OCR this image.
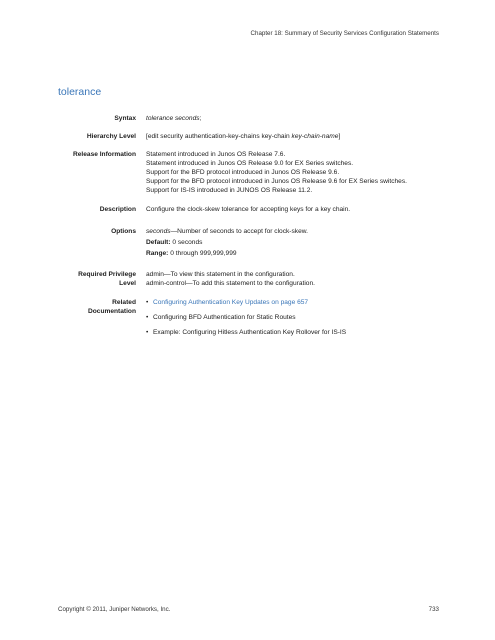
Chapter 18: Summary of Security Services Configuration Statements
tolerance
Syntax tolerance seconds;
Hierarchy Level [edit security authentication-key-chains key-chain key-chain-name]
Release Information Statement introduced in Junos OS Release 7.6.
Statement introduced in Junos OS Release 9.0 for EX Series switches.
Support for the BFD protocol introduced in Junos OS Release 9.6.
Support for the BFD protocol introduced in Junos OS Release 9.6 for EX Series switches.
Support for IS-IS introduced in JUNOS OS Release 11.2.
Description Configure the clock-skew tolerance for accepting keys for a key chain.
Options seconds—Number of seconds to accept for clock-skew.
Default: 0 seconds
Range: 0 through 999,999,999
Required Privilege
Level
admin—To view this statement in the configuration.
admin-control—To add this statement to the configuration.
Related
Documentation
• Configuring Authentication Key Updates on page 657
• Configuring BFD Authentication for Static Routes
• Example: Configuring Hitless Authentication Key Rollover for IS-IS
Copyright © 2011, Juniper Networks, Inc.	733
